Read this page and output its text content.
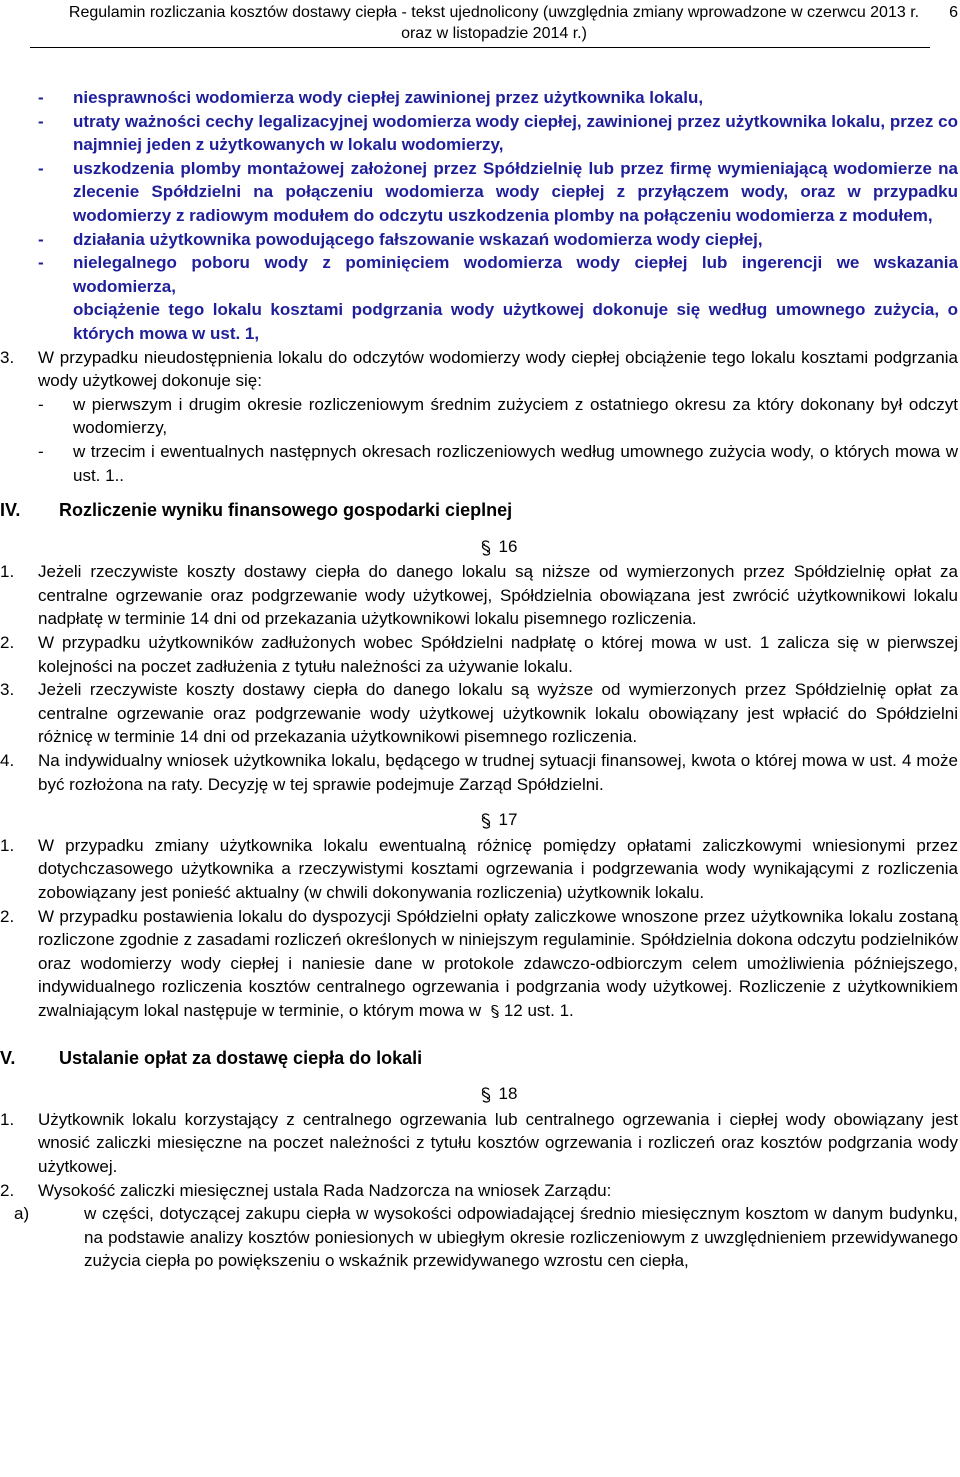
Regulamin rozliczania kosztów dostawy ciepła - tekst ujednolicony (uwzględnia zmiany wprowadzone w czerwcu 2013 r.
oraz w listopadzie 2014 r.)
6
- niesprawności wodomierza wody ciepłej zawinionej przez użytkownika lokalu,
- utraty ważności cechy legalizacyjnej wodomierza wody ciepłej, zawinionej przez użytkownika lokalu, przez co najmniej jeden z użytkowanych w lokalu wodomierzy,
- uszkodzenia plomby montażowej założonej przez Spółdzielnię lub przez firmę wymieniającą wodomierze na zlecenie Spółdzielni na połączeniu wodomierza wody ciepłej z przyłączem wody, oraz w przypadku wodomierzy z radiowym modułem do odczytu uszkodzenia plomby na połączeniu wodomierza z modułem,
- działania użytkownika powodującego fałszowanie wskazań wodomierza wody ciepłej,
- nielegalnego poboru wody z pominięciem wodomierza wody ciepłej lub ingerencji we wskazania wodomierza,
obciążenie tego lokalu kosztami podgrzania wody użytkowej dokonuje się według umownego zużycia, o których mowa w ust. 1,
3. W przypadku nieudostępnienia lokalu do odczytów wodomierzy wody ciepłej obciążenie tego lokalu kosztami podgrzania wody użytkowej dokonuje się:
- w pierwszym i drugim okresie rozliczeniowym średnim zużyciem z ostatniego okresu za który dokonany był odczyt wodomierzy,
- w trzecim i ewentualnych następnych okresach rozliczeniowych według umownego zużycia wody, o których mowa w ust. 1..
IV. Rozliczenie wyniku finansowego gospodarki cieplnej
16
1. Jeżeli rzeczywiste koszty dostawy ciepła do danego lokalu są niższe od wymierzonych przez Spółdzielnię opłat za centralne ogrzewanie oraz podgrzewanie wody użytkowej, Spółdzielnia obowiązana jest zwrócić użytkownikowi lokalu nadpłatę w terminie 14 dni od przekazania użytkownikowi lokalu pisemnego rozliczenia.
2. W przypadku użytkowników zadłużonych wobec Spółdzielni nadpłatę o której mowa w ust. 1 zalicza się w pierwszej kolejności na poczet zadłużenia z tytułu należności za używanie lokalu.
3. Jeżeli rzeczywiste koszty dostawy ciepła do danego lokalu są wyższe od wymierzonych przez Spółdzielnię opłat za centralne ogrzewanie oraz podgrzewanie wody użytkowej użytkownik lokalu obowiązany jest wpłacić do Spółdzielni różnicę w terminie 14 dni od przekazania użytkownikowi pisemnego rozliczenia.
4. Na indywidualny wniosek użytkownika lokalu, będącego w trudnej sytuacji finansowej, kwota o której mowa w ust. 4 może być rozłożona na raty. Decyzję w tej sprawie podejmuje Zarząd Spółdzielni.
17
1. W przypadku zmiany użytkownika lokalu ewentualną różnicę pomiędzy opłatami zaliczkowymi wniesionymi przez dotychczasowego użytkownika a rzeczywistymi kosztami ogrzewania i podgrzewania wody wynikającymi z rozliczenia zobowiązany jest ponieść aktualny (w chwili dokonywania rozliczenia) użytkownik lokalu.
2. W przypadku postawienia lokalu do dyspozycji Spółdzielni opłaty zaliczkowe wnoszone przez użytkownika lokalu zostaną rozliczone zgodnie z zasadami rozliczeń określonych w niniejszym regulaminie. Spółdzielnia dokona odczytu podzielników oraz wodomierzy wody ciepłej i naniesie dane w protokole zdawczo-odbiorczym celem umożliwienia późniejszego, indywidualnego rozliczenia kosztów centralnego ogrzewania i podgrzania wody użytkowej. Rozliczenie z użytkownikiem zwalniającym lokal następuje w terminie, o którym mowa w 12 ust. 1.
V. Ustalanie opłat za dostawę ciepła do lokali
18
1. Użytkownik lokalu korzystający z centralnego ogrzewania lub centralnego ogrzewania i ciepłej wody obowiązany jest wnosić zaliczki miesięczne na poczet należności z tytułu kosztów ogrzewania i rozliczeń oraz kosztów podgrzania wody użytkowej.
2. Wysokość zaliczki miesięcznej ustala Rada Nadzorcza na wniosek Zarządu:
a)	w części, dotyczącej zakupu ciepła w wysokości odpowiadającej średnio miesięcznym kosztom w danym budynku, na podstawie analizy kosztów poniesionych w ubiegłym okresie rozliczeniowym z uwzględnieniem przewidywanego zużycia ciepła po powiększeniu o wskaźnik przewidywanego wzrostu cen ciepła,
